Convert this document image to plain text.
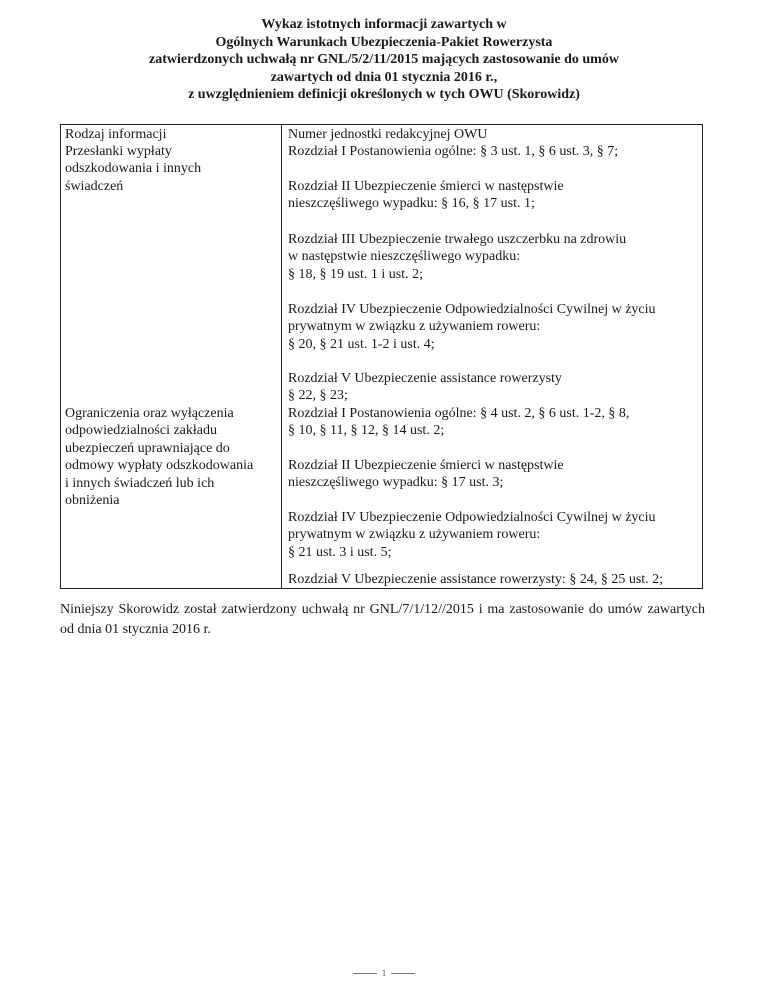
Wykaz istotnych informacji zawartych w
Ogólnych Warunkach Ubezpieczenia-Pakiet Rowerzysta
zatwierdzonych uchwałą nr GNL/5/2/11/2015 mających zastosowanie do umów
zawartych od dnia 01 stycznia 2016 r.,
z uwzględnieniem definicji określonych w tych OWU (Skorowidz)
Rodzaj informacji	Numer jednostki redakcyjnej OWU
Przesłanki wypłaty
odszkodowania i innych
świadczeń
Rozdział I Postanowienia ogólne: § 3 ust. 1, § 6 ust. 3, § 7;
Rozdział II Ubezpieczenie śmierci w następstwie
nieszczęśliwego wypadku: § 16, § 17 ust. 1;
Rozdział III Ubezpieczenie trwałego uszczerbku na zdrowiu
w następstwie nieszczęśliwego wypadku:
§ 18, § 19 ust. 1 i ust. 2;
Rozdział IV Ubezpieczenie Odpowiedzialności Cywilnej w życiu
prywatnym w związku z używaniem roweru:
§ 20, § 21 ust. 1-2 i ust. 4;
Rozdział V Ubezpieczenie assistance rowerzysty
§ 22, § 23;
Ograniczenia oraz wyłączenia
odpowiedzialności zakładu
ubezpieczeń uprawniające do
odmowy wypłaty odszkodowania
i innych świadczeń lub ich
obniżenia
Rozdział I Postanowienia ogólne: § 4 ust. 2, § 6 ust. 1-2, § 8,
§ 10, § 11, § 12, § 14 ust. 2;
Rozdział II Ubezpieczenie śmierci w następstwie
nieszczęśliwego wypadku: § 17 ust. 3;
Rozdział IV Ubezpieczenie Odpowiedzialności Cywilnej w życiu
prywatnym w związku z używaniem roweru:
§ 21 ust. 3 i ust. 5;
Rozdział V Ubezpieczenie assistance rowerzysty: § 24, § 25 ust. 2;
Niniejszy Skorowidz został zatwierdzony uchwałą nr GNL/7/1/12//2015 i ma zastosowanie do umów zawartych od dnia 01 stycznia 2016 r.
1
